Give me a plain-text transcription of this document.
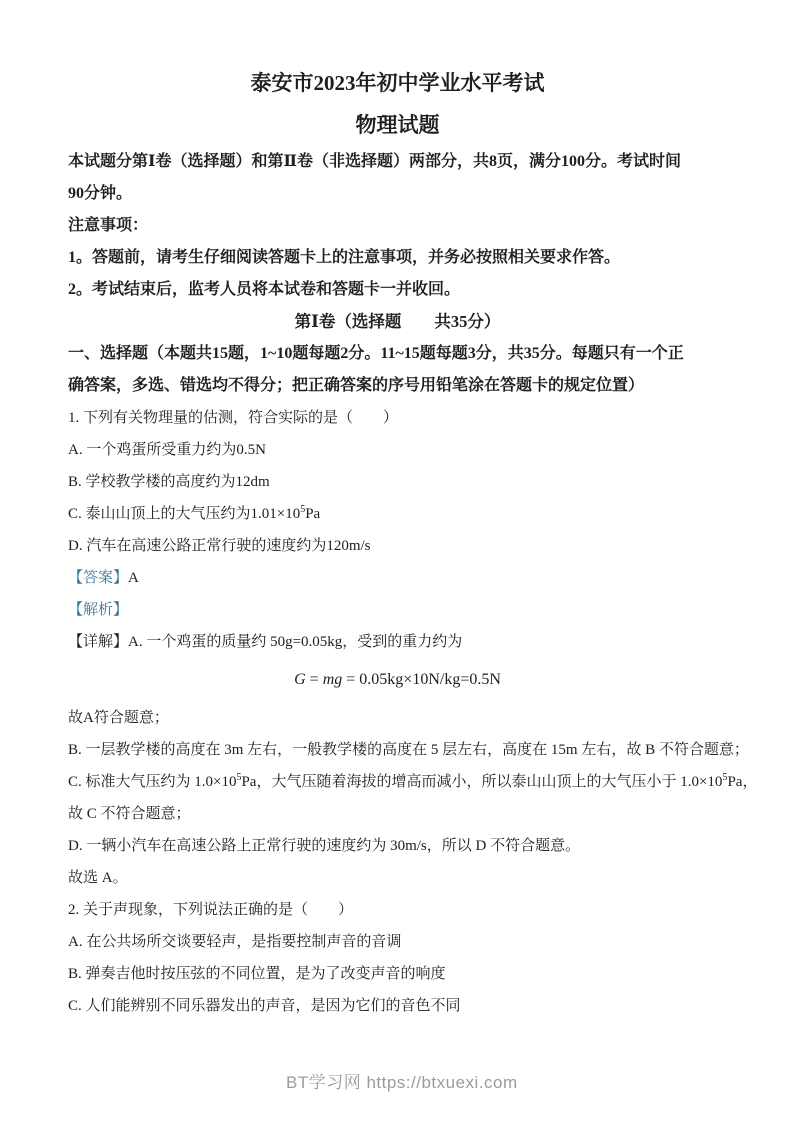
泰安市2023年初中学业水平考试
物理试题
本试题分第Ⅰ卷（选择题）和第Ⅱ卷（非选择题）两部分，共8页，满分100分。考试时间
90分钟。
注意事项：
1。答题前，请考生仔细阅读答题卡上的注意事项，并务必按照相关要求作答。
2。考试结束后，监考人员将本试卷和答题卡一并收回。
第Ⅰ卷（选择题　　共35分）
一、选择题（本题共15题，1~10题每题2分。11~15题每题3分，共35分。每题只有一个正
确答案，多选、错选均不得分；把正确答案的序号用铅笔涂在答题卡的规定位置）
1. 下列有关物理量的估测，符合实际的是（　　）
A. 一个鸡蛋所受重力约为0.5N
B. 学校教学楼的高度约为12dm
C. 泰山山顶上的大气压约为$1.01\times 10^5Pa$
D. 汽车在高速公路正常行驶的速度约为120m/s
【答案】A
【解析】
【详解】A. 一个鸡蛋的质量约 50g=0.05kg，受到的重力约为
G = mg = 0.05kg×10N/kg=0.5N
故A符合题意；
B. 一层教学楼的高度在 3m 左右，一般教学楼的高度在 5 层左右，高度在 15m 左右，故 B 不符合题意；
C. 标准大气压约为 $1.0\times 10^5Pa$，大气压随着海拔的增高而减小，所以泰山山顶上的大气压小于 $1.0\times 10^5Pa$，
故 C 不符合题意；
D. 一辆小汽车在高速公路上正常行驶的速度约为 30m/s，所以 D 不符合题意。
故选 A。
2. 关于声现象，下列说法正确的是（　　）
A. 在公共场所交谈要轻声，是指要控制声音的音调
B. 弹奏吉他时按压弦的不同位置，是为了改变声音的响度
C. 人们能辨别不同乐器发出的声音，是因为它们的音色不同
BT学习网 https://btxuexi.com
